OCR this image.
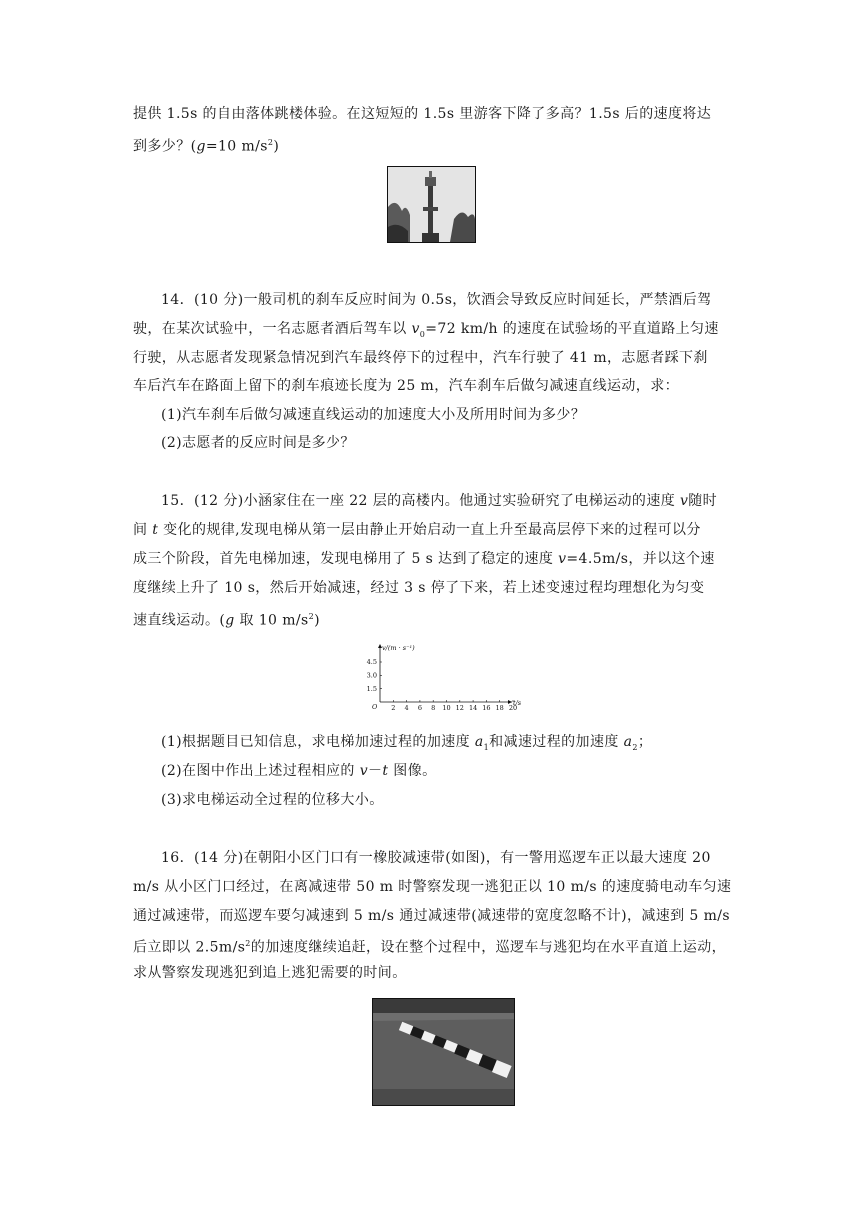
提供 1.5s 的自由落体跳楼体验。在这短短的 1.5s 里游客下降了多高？1.5s 后的速度将达
到多少？(g=10 $m/s^2$)
14．(10 分)一般司机的刹车反应时间为 0.5s，饮酒会导致反应时间延长，严禁酒后驾
驶，在某次试验中，一名志愿者酒后驾车以 $v_0=72$ km/h 的速度在试验场的平直道路上匀速
行驶，从志愿者发现紧急情况到汽车最终停下的过程中，汽车行驶了 41 m，志愿者踩下刹
车后汽车在路面上留下的刹车痕迹长度为 25 m，汽车刹车后做匀减速直线运动，求：
(1)汽车刹车后做匀减速直线运动的加速度大小及所用时间为多少？
(2)志愿者的反应时间是多少？
15．(12 分)小涵家住在一座 22 层的高楼内。他通过实验研究了电梯运动的速度 v随时
间 t 变化的规律,发现电梯从第一层由静止开始启动一直上升至最高层停下来的过程可以分
成三个阶段，首先电梯加速，发现电梯用了 5 s 达到了稳定的速度 v=4.5m/s，并以这个速
度继续上升了 10 s，然后开始减速，经过 3 s 停了下来，若上述变速过程均理想化为匀变
速直线运动。(g 取 10 $m/s^2$)
v/(m · s⁻¹)
t/s
O
4.5
3.0
1.5
2 4 6 8 10 12 14 16 18 20
(1)根据题目已知信息，求电梯加速过程的加速度 $a_1$和减速过程的加速度 $a_2$；
(2)在图中作出上述过程相应的 v－t 图像。
(3)求电梯运动全过程的位移大小。
16．(14 分)在朝阳小区门口有一橡胶减速带(如图)，有一警用巡逻车正以最大速度 20
m/s 从小区门口经过，在离减速带 50 m 时警察发现一逃犯正以 10 m/s 的速度骑电动车匀速
通过减速带，而巡逻车要匀减速到 5 m/s 通过减速带(减速带的宽度忽略不计)，减速到 5 m/s
后立即以 $2.5m/s^2$的加速度继续追赶，设在整个过程中，巡逻车与逃犯均在水平直道上运动，
求从警察发现逃犯到追上逃犯需要的时间。
